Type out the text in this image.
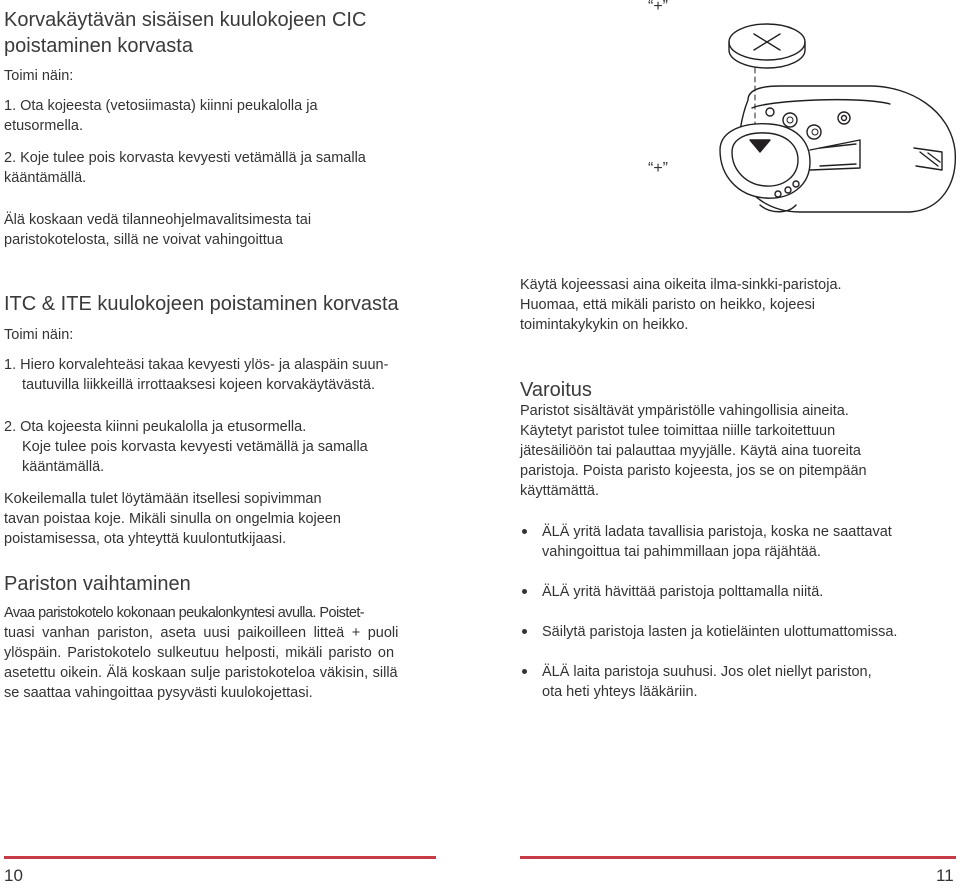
Korvakäytävän sisäisen kuulokojeen CIC
poistaminen korvasta
Toimi näin:
1. Ota kojeesta (vetosiimasta) kiinni peukalolla ja
etusormella.
2. Koje tulee pois korvasta kevyesti vetämällä ja samalla
kääntämällä.
Älä koskaan vedä tilanneohjelmavalitsimesta tai
paristokotelosta, sillä ne voivat vahingoittua
ITC & ITE kuulokojeen poistaminen korvasta
Toimi näin:
1. Hiero korvalehteäsi takaa kevyesti ylös- ja alaspäin suun-
tautuvilla liikkeillä irrottaaksesi kojeen korvakäytävästä.
2. Ota kojeesta kiinni peukalolla ja etusormella.
Koje tulee pois korvasta kevyesti vetämällä ja samalla
kääntämällä.
Kokeilemalla tulet löytämään itsellesi sopivimman
tavan poistaa koje. Mikäli sinulla on ongelmia kojeen
poistamisessa, ota yhteyttä kuulontutkijaasi.
Pariston vaihtaminen
Avaa paristokotelo kokonaan peukalonkyntesi avulla. Poistet-
tuasi vanhan pariston, aseta uusi paikoilleen litteä + puoli
ylöspäin. Paristokotelo sulkeutuu helposti, mikäli paristo on
asetettu oikein. Älä koskaan sulje paristokoteloa väkisin, sillä
se saattaa vahingoittaa pysyvästi kuulokojettasi.
10
“+”
“+”
Käytä kojeessasi aina oikeita ilma-sinkki-paristoja.
Huomaa, että mikäli paristo on heikko, kojeesi
toimintakykykin on heikko.
Varoitus
Paristot sisältävät ympäristölle vahingollisia aineita.
Käytetyt paristot tulee toimittaa niille tarkoitettuun
jätesäiliöön tai palauttaa myyjälle. Käytä aina tuoreita
paristoja. Poista paristo kojeesta, jos se on pitempään
käyttämättä.
ÄLÄ yritä ladata tavallisia paristoja, koska ne saattavat
vahingoittua tai pahimmillaan jopa räjähtää.
ÄLÄ yritä hävittää paristoja polttamalla niitä.
Säilytä paristoja lasten ja kotieläinten ulottumattomissa.
ÄLÄ laita paristoja suuhusi. Jos olet niellyt pariston,
ota heti yhteys lääkäriin.
11
